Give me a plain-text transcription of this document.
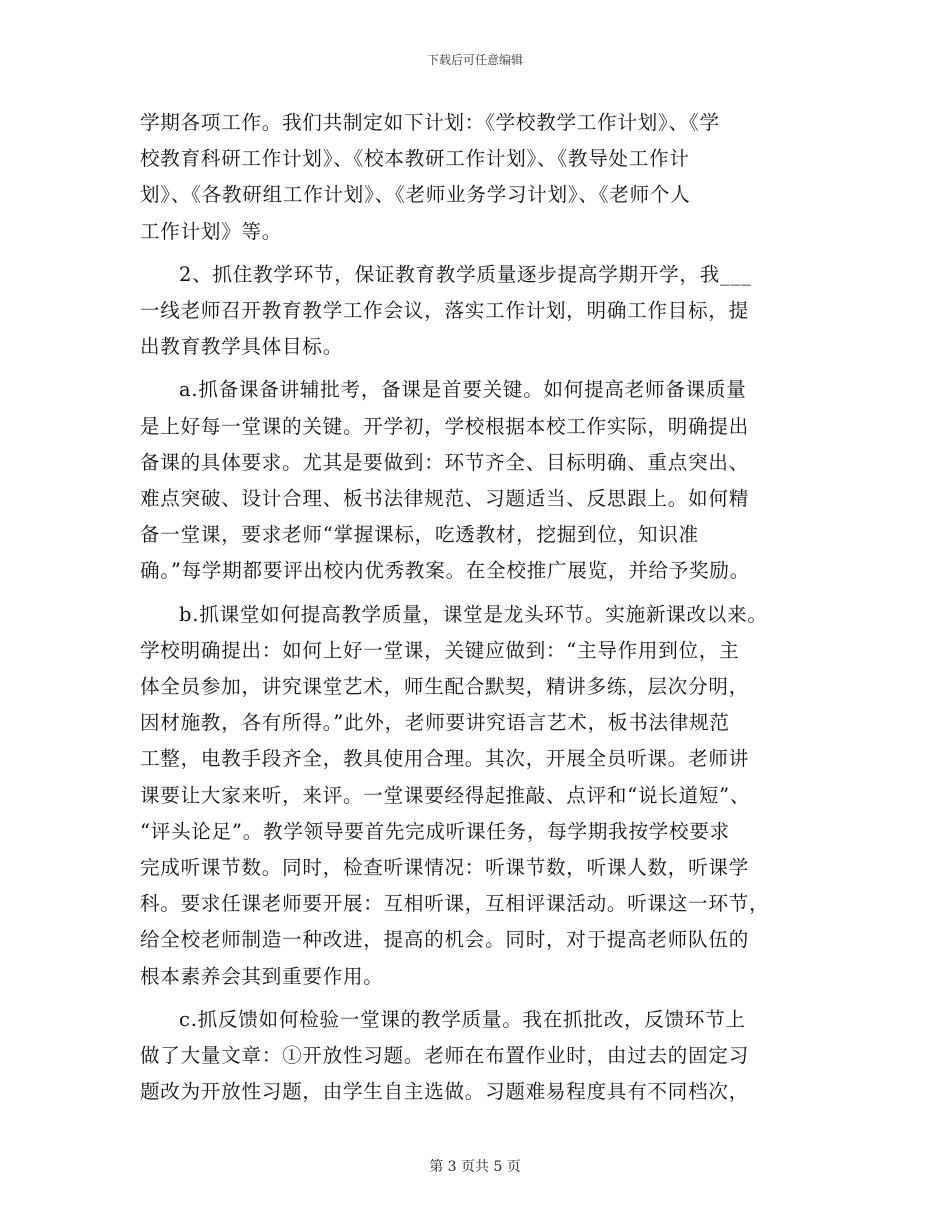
下载后可任意编辑
学期各项工作。我们共制定如下计划：《学校教学工作计划》、《学
校教育科研工作计划》、《校本教研工作计划》、《教导处工作计
划》、《各教研组工作计划》、《老师业务学习计划》、《老师个人
工作计划》等。
2、抓住教学环节，保证教育教学质量逐步提高学期开学，我___
一线老师召开教育教学工作会议，落实工作计划，明确工作目标，提
出教育教学具体目标。
a.抓备课备讲辅批考，备课是首要关键。如何提高老师备课质量
是上好每一堂课的关键。开学初，学校根据本校工作实际，明确提出
备课的具体要求。尤其是要做到：环节齐全、目标明确、重点突出、
难点突破、设计合理、板书法律规范、习题适当、反思跟上。如何精
备一堂课，要求老师“掌握课标，吃透教材，挖掘到位，知识准
确。”每学期都要评出校内优秀教案。在全校推广展览，并给予奖励。
b.抓课堂如何提高教学质量，课堂是龙头环节。实施新课改以来。
学校明确提出：如何上好一堂课，关键应做到：“主导作用到位，主
体全员参加，讲究课堂艺术，师生配合默契，精讲多练，层次分明，
因材施教，各有所得。”此外，老师要讲究语言艺术，板书法律规范
工整，电教手段齐全，教具使用合理。其次，开展全员听课。老师讲
课要让大家来听，来评。一堂课要经得起推敲、点评和“说长道短”、
“评头论足”。教学领导要首先完成听课任务，每学期我按学校要求
完成听课节数。同时，检查听课情况：听课节数，听课人数，听课学
科。要求任课老师要开展：互相听课，互相评课活动。听课这一环节，
给全校老师制造一种改进，提高的机会。同时，对于提高老师队伍的
根本素养会其到重要作用。
c.抓反馈如何检验一堂课的教学质量。我在抓批改，反馈环节上
做了大量文章：①开放性习题。老师在布置作业时，由过去的固定习
题改为开放性习题，由学生自主选做。习题难易程度具有不同档次，
第 3 页共 5 页
